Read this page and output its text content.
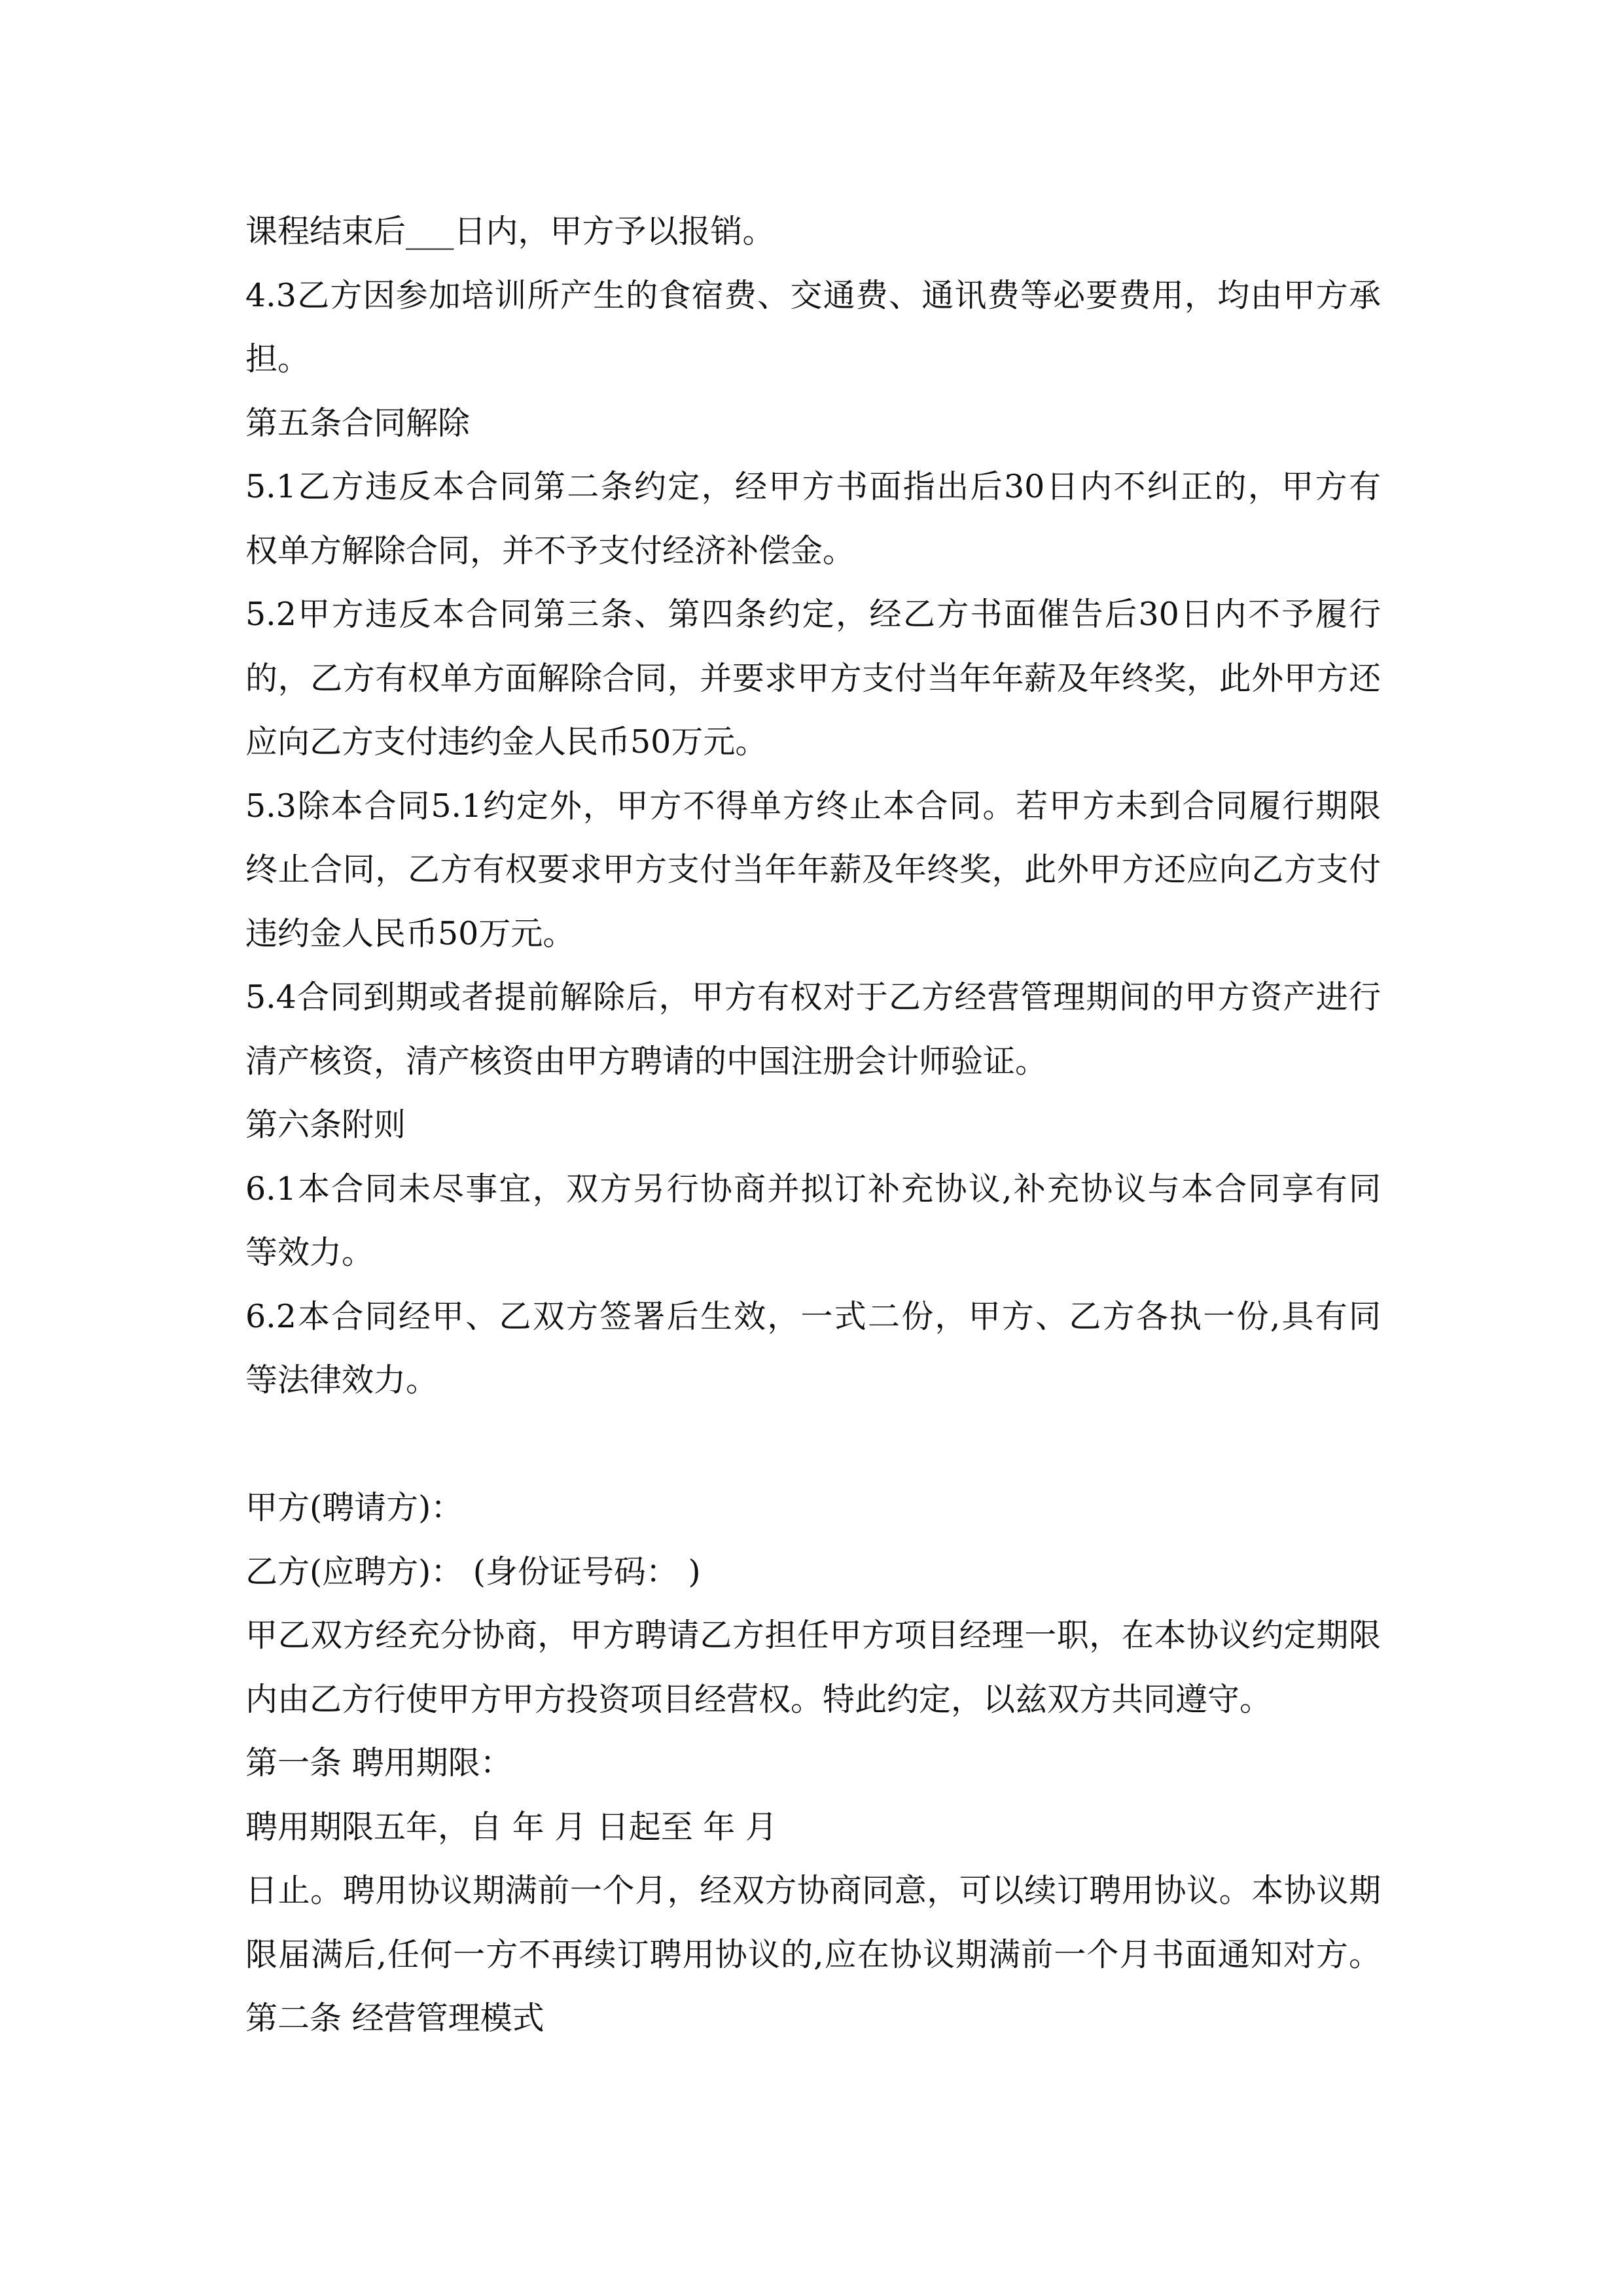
课程结束后___日内，甲方予以报销。
4.3乙方因参加培训所产生的食宿费、交通费、通讯费等必要费用，均由甲方承
担。
第五条合同解除
5.1乙方违反本合同第二条约定，经甲方书面指出后30日内不纠正的，甲方有
权单方解除合同，并不予支付经济补偿金。
5.2甲方违反本合同第三条、第四条约定，经乙方书面催告后30日内不予履行
的，乙方有权单方面解除合同，并要求甲方支付当年年薪及年终奖，此外甲方还
应向乙方支付违约金人民币50万元。
5.3除本合同5.1约定外，甲方不得单方终止本合同。若甲方未到合同履行期限
终止合同，乙方有权要求甲方支付当年年薪及年终奖，此外甲方还应向乙方支付
违约金人民币50万元。
5.4合同到期或者提前解除后，甲方有权对于乙方经营管理期间的甲方资产进行
清产核资，清产核资由甲方聘请的中国注册会计师验证。
第六条附则
6.1本合同未尽事宜，双方另行协商并拟订补充协议,补充协议与本合同享有同
等效力。
6.2本合同经甲、乙双方签署后生效，一式二份，甲方、乙方各执一份,具有同
等法律效力。
甲方(聘请方)：
乙方(应聘方)： (身份证号码： )
甲乙双方经充分协商，甲方聘请乙方担任甲方项目经理一职，在本协议约定期限
内由乙方行使甲方甲方投资项目经营权。特此约定，以兹双方共同遵守。
第一条 聘用期限：
聘用期限五年，自 年 月 日起至 年 月
日止。聘用协议期满前一个月，经双方协商同意，可以续订聘用协议。本协议期
限届满后,任何一方不再续订聘用协议的,应在协议期满前一个月书面通知对方。
第二条 经营管理模式
